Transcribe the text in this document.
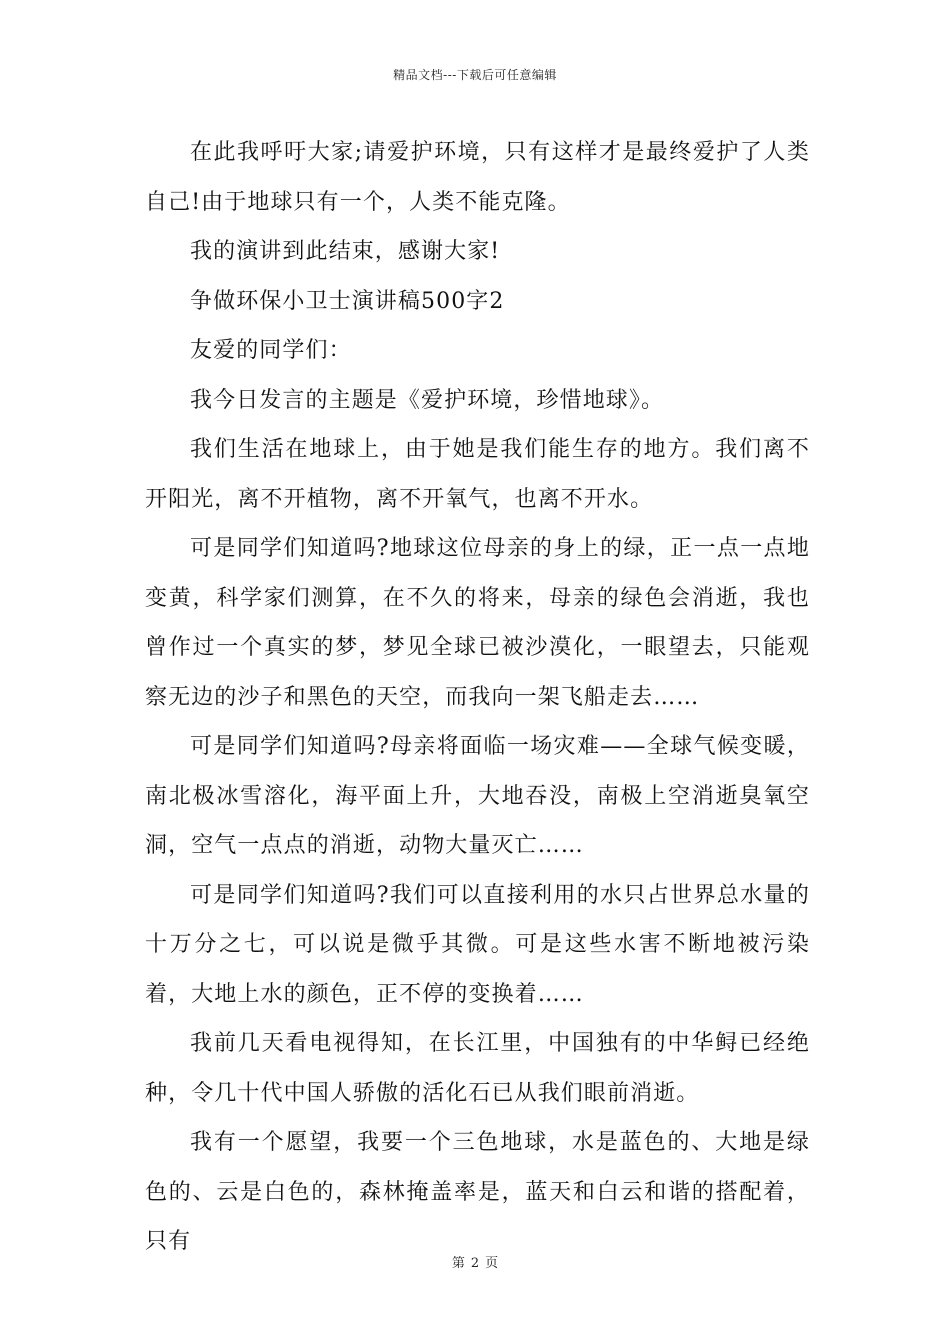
精品文档---下载后可任意编辑

在此我呼吁大家;请爱护环境，只有这样才是最终爱护了人类自己!由于地球只有一个，人类不能克隆。

我的演讲到此结束，感谢大家!

争做环保小卫士演讲稿500字2

友爱的同学们：

我今日发言的主题是《爱护环境，珍惜地球》。

我们生活在地球上，由于她是我们能生存的地方。我们离不开阳光，离不开植物，离不开氧气，也离不开水。

可是同学们知道吗?地球这位母亲的身上的绿，正一点一点地变黄，科学家们测算，在不久的将来，母亲的绿色会消逝，我也曾作过一个真实的梦，梦见全球已被沙漠化，一眼望去，只能观察无边的沙子和黑色的天空，而我向一架飞船走去……

可是同学们知道吗?母亲将面临一场灾难——全球气候变暖，南北极冰雪溶化，海平面上升，大地吞没，南极上空消逝臭氧空洞，空气一点点的消逝，动物大量灭亡……

可是同学们知道吗?我们可以直接利用的水只占世界总水量的十万分之七，可以说是微乎其微。可是这些水害不断地被污染着，大地上水的颜色，正不停的变换着……

我前几天看电视得知，在长江里，中国独有的中华鲟已经绝种，令几十代中国人骄傲的活化石已从我们眼前消逝。

我有一个愿望，我要一个三色地球，水是蓝色的、大地是绿色的、云是白色的，森林掩盖率是，蓝天和白云和谐的搭配着，只有

第 2 页
